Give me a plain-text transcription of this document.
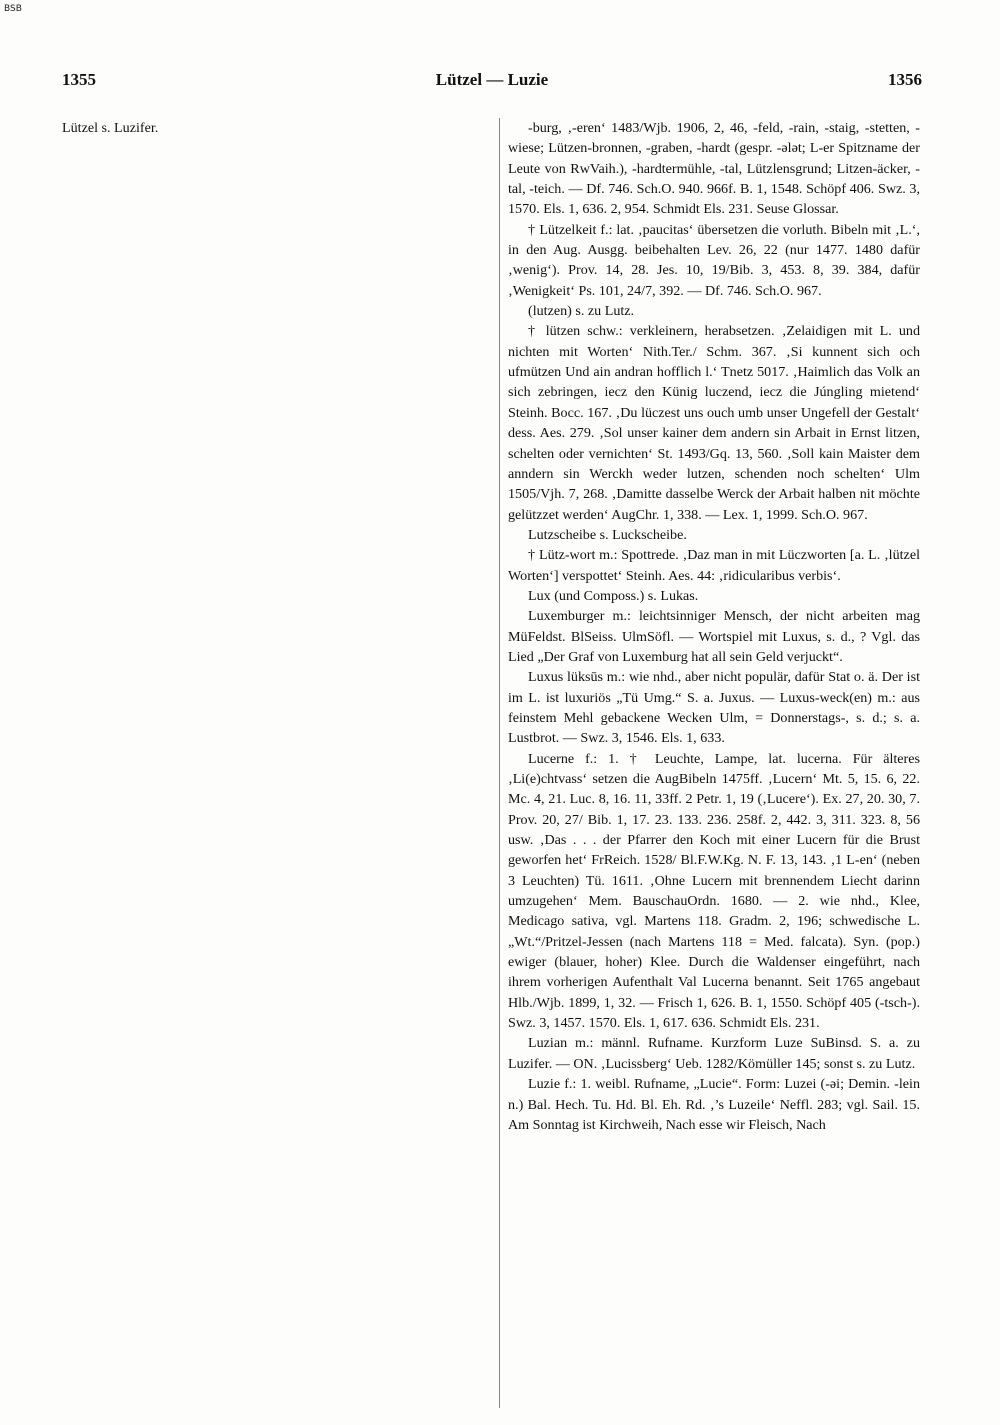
BSB
1355	Lützel — Luzie	1356

Lützel s. Luzifer.	-burg, ‚-eren‘ 1483/Wjb. 1906, 2, 46, -feld, -rain, -staig, -stetten, -wiese; Lützen-bronnen, -graben, -hardt (gespr. -ələt; L-er Spitzname der Leute von RwVaih.), -hardtermühle, -tal, Lützlensgrund; Litzen-äcker, -tal, -teich. — Df. 746. Sch.O. 940. 966f. B. 1, 1548. Schöpf 406. Swz. 3, 1570. Els. 1, 636. 2, 954. Schmidt Els. 231. Seuse Glossar.

† Lützelkeit f.: lat. ‚paucitas‘ übersetzen die vorluth. Bibeln mit ‚L.‘, in den Aug. Ausgg. beibehalten Lev. 26, 22 (nur 1477. 1480 dafür ‚wenig‘). Prov. 14, 28. Jes. 10, 19/Bib. 3, 453. 8, 39. 384, dafür ‚Wenigkeit‘ Ps. 101, 24/7, 392. — Df. 746. Sch.O. 967.

(lutzen) s. zu Lutz.

† lützen schw.: verkleinern, herabsetzen. ‚Zelaidigen mit L. und nichten mit Worten‘ Nith.Ter./ Schm. 367. ‚Si kunnent sich och ufmützen Und ain andran hofflich l.‘ Tnetz 5017. ‚Haimlich das Volk an sich zebringen, iecz den Künig luczend, iecz die Júngling mietend‘ Steinh. Bocc. 167. ‚Du lüczest uns ouch umb unser Ungefell der Gestalt‘ dess. Aes. 279. ‚Sol unser kainer dem andern sin Arbait in Ernst litzen, schelten oder vernichten‘ St. 1493/Gq. 13, 560. ‚Soll kain Maister dem anndern sin Werckh weder lutzen, schenden noch schelten‘ Ulm 1505/Vjh. 7, 268. ‚Damitte dasselbe Werck der Arbait halben nit möchte gelützzet werden‘ AugChr. 1, 338. — Lex. 1, 1999. Sch.O. 967.

Lutzscheibe s. Luckscheibe.

† Lütz-wort m.: Spottrede. ‚Daz man in mit Lüczworten [a. L. ‚lützel Worten‘] verspottet‘ Steinh. Aes. 44: ‚ridicularibus verbis‘.

Lux (und Composs.) s. Lukas.

Luxemburger m.: leichtsinniger Mensch, der nicht arbeiten mag MüFeldst. BlSeiss. UlmSöfl. — Wortspiel mit Luxus, s. d., ? Vgl. das Lied „Der Graf von Luxemburg hat all sein Geld verjuckt“.

Luxus lüksūs m.: wie nhd., aber nicht populär, dafür Stat o. ä. Der ist im L. ist luxuriös „Tü Umg.“ S. a. Juxus. — Luxus-weck(en) m.: aus feinstem Mehl gebackene Wecken Ulm, = Donnerstags-, s. d.; s. a. Lustbrot. — Swz. 3, 1546. Els. 1, 633.

Lucerne f.: 1. † Leuchte, Lampe, lat. lucerna. Für älteres ‚Li(e)chtvass‘ setzen die AugBibeln 1475ff. ‚Lucern‘ Mt. 5, 15. 6, 22. Mc. 4, 21. Luc. 8, 16. 11, 33ff. 2 Petr. 1, 19 (‚Lucere‘). Ex. 27, 20. 30, 7. Prov. 20, 27/ Bib. 1, 17. 23. 133. 236. 258f. 2, 442. 3, 311. 323. 8, 56 usw. ‚Das . . . der Pfarrer den Koch mit einer Lucern für die Brust geworfen het‘ FrReich. 1528/ Bl.F.W.Kg. N. F. 13, 143. ‚1 L-en‘ (neben 3 Leuchten) Tü. 1611. ‚Ohne Lucern mit brennendem Liecht darinn umzugehen‘ Mem. BauschauOrdn. 1680. — 2. wie nhd., Klee, Medicago sativa, vgl. Martens 118. Gradm. 2, 196; schwedische L. „Wt.“/Pritzel-Jessen (nach Martens 118 = Med. falcata). Syn. (pop.) ewiger (blauer, hoher) Klee. Durch die Waldenser eingeführt, nach ihrem vorherigen Aufenthalt Val Lucerna benannt. Seit 1765 angebaut Hlb./Wjb. 1899, 1, 32. — Frisch 1, 626. B. 1, 1550. Schöpf 405 (-tsch-). Swz. 3, 1457. 1570. Els. 1, 617. 636. Schmidt Els. 231.

Luzian m.: männl. Rufname. Kurzform Luze SuBinsd. S. a. zu Luzifer. — ON. ‚Lucissberg‘ Ueb. 1282/Kömüller 145; sonst s. zu Lutz.

Luzie f.: 1. weibl. Rufname, „Lucie“. Form: Luzei (-əi; Demin. -lein n.) Bal. Hech. Tu. Hd. Bl. Eh. Rd. ‚’s Luzeile‘ Neffl. 283; vgl. Sail. 15. Am Sonntag ist Kirchweih, Nach esse wir Fleisch, Nach
